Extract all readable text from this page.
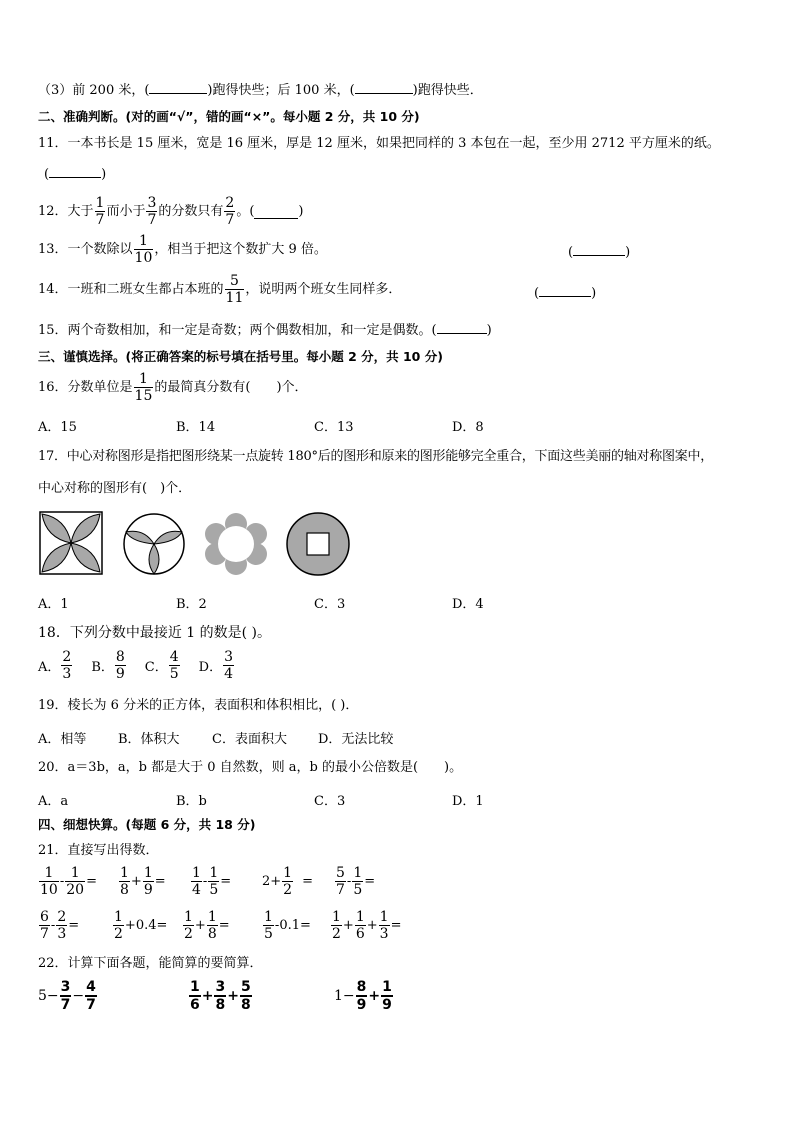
（3）前 200 米，(	)跑得快些；后 100 米，(	)跑得快些．
二、准确判断。(对的画“√”，错的画“×”。每小题 2 分，共 10 分)
11．一本书长是 15 厘米，宽是 16 厘米，厚是 12 厘米，如果把同样的 3 本包在一起，至少用 2712 平方厘米的纸。
(	)
12．大于 $\frac{1}{7}$ 而小于 $\frac{3}{7}$ 的分数只有 $\frac{2}{7}$ 。(	)
13．一个数除以 $\frac{1}{10}$ ，相当于把这个数扩大 9 倍。	(	)
14．一班和二班女生都占本班的 $\frac{5}{11}$ ，说明两个班女生同样多．	(	)
15．两个奇数相加，和一定是奇数；两个偶数相加，和一定是偶数。(	)
三、谨慎选择。(将正确答案的标号填在括号里。每小题 2 分，共 10 分)
16．分数单位是 $\frac{1}{15}$ 的最简真分数有(　　)个．
A．15	B．14	C．13	D．8
17．中心对称图形是指把图形绕某一点旋转 180°后的图形和原来的图形能够完全重合，下面这些美丽的轴对称图案中，
中心对称的图形有(　)个．
A．1	B．2	C．3	D．4
18．下列分数中最接近 1 的数是( )。
A． $\frac{2}{3}$ B． $\frac{8}{9}$ C． $\frac{4}{5}$ D． $\frac{3}{4}$
19．棱长为 6 分米的正方体，表面积和体积相比，( )．
A．相等 B．体积大 C．表面积大 D．无法比较
20．a＝3b，a，b 都是大于 0 自然数，则 a，b 的最小公倍数是(　　)。
A．a	B．b	C．3	D．1
四、细想快算。(每题 6 分，共 18 分)
21．直接写出得数．
$\frac{1}{10} - \frac{1}{20} = \frac{1}{8} + \frac{1}{9} = \frac{1}{4} - \frac{1}{5} = 2+ \frac{1}{2} = \frac{5}{7} - \frac{1}{5}$ =
$\frac{6}{7} - \frac{2}{3} = \frac{1}{2} +0.4= \frac{1}{2} + \frac{1}{8} = \frac{1}{5} -0.1= \frac{1}{2} + \frac{1}{6} + \frac{1}{3}$ =
22．计算下面各题，能简算的要简算．
$5- \frac{3}{7} - \frac{4}{7}$	$\frac{1}{6} + \frac{3}{8} + \frac{5}{8}$	$1- \frac{8}{9} + \frac{1}{9}$
